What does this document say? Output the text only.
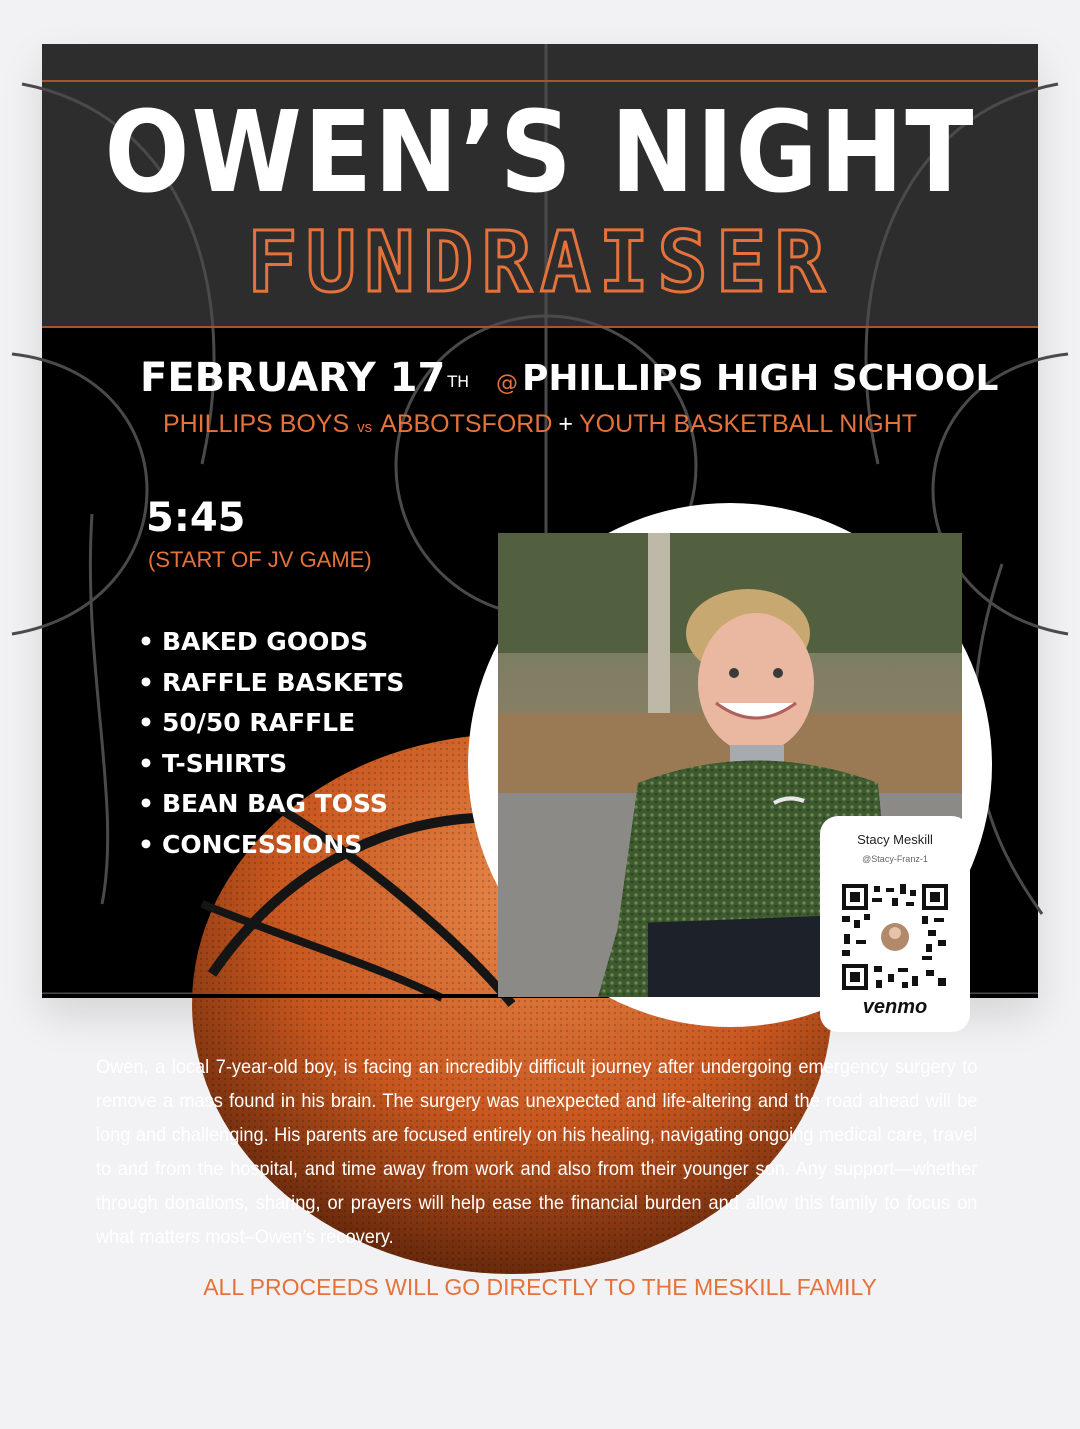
OWEN’S NIGHT
FUNDRAISER
FEBRUARY 17 $^{TH}$ @ PHILLIPS HIGH SCHOOL
PHILLIPS BOYS vs ABBOTSFORD + YOUTH BASKETBALL NIGHT
5:45
(START OF JV GAME)
• BAKED GOODS
• RAFFLE BASKETS
• 50/50 RAFFLE
• T-SHIRTS
• BEAN BAG TOSS
• CONCESSIONS	Stacy Meskill
@Stacy-Franz-1
venmo
Owen, a local 7-year-old boy, is facing an incredibly difficult journey after undergoing emergency surgery to remove a mass found in his brain. The surgery was unexpected and life-altering and the road ahead will be long and challenging. His parents are focused entirely on his healing, navigating ongoing medical care, travel to and from the hospital, and time away from work and also from their younger son. Any support—whether through donations, sharing, or prayers will help ease the financial burden and allow this family to focus on what matters most–Owen’s recovery.
ALL PROCEEDS WILL GO DIRECTLY TO THE MESKILL FAMILY
